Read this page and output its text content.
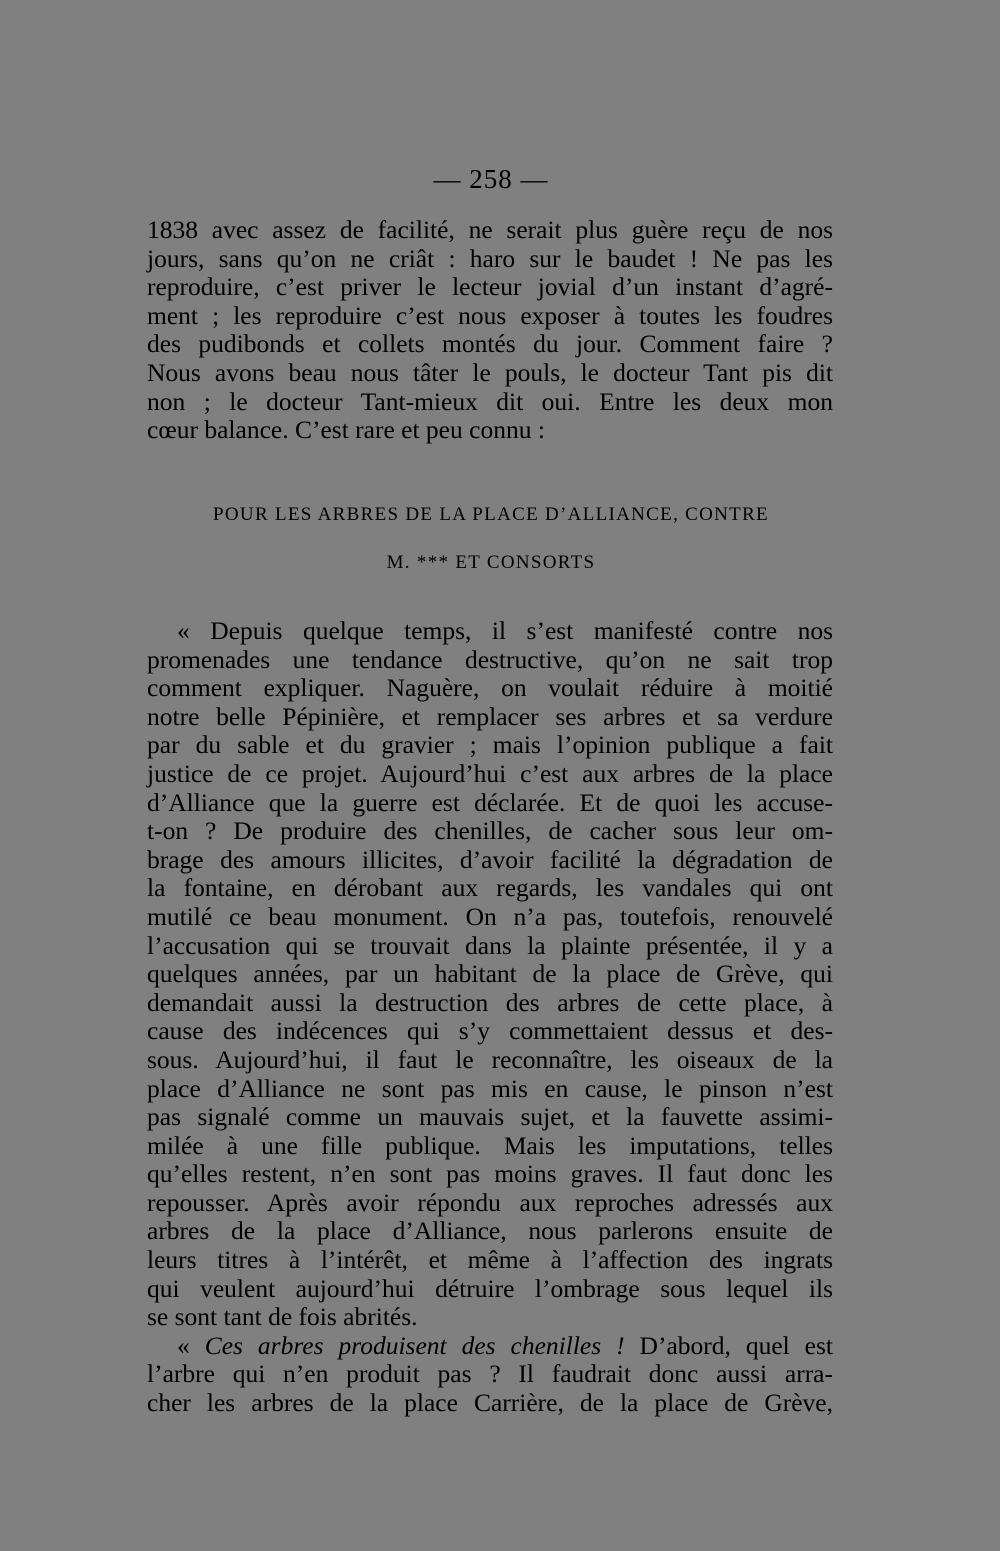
— 258 —
1838 avec assez de facilité, ne serait plus guère reçu de nos
jours, sans qu’on ne criât : haro sur le baudet ! Ne pas les
reproduire, c’est priver le lecteur jovial d’un instant d’agré-
ment ; les reproduire c’est nous exposer à toutes les foudres
des pudibonds et collets montés du jour. Comment faire ?
Nous avons beau nous tâter le pouls, le docteur Tant pis dit
non ; le docteur Tant-mieux dit oui. Entre les deux mon
cœur balance. C’est rare et peu connu :
POUR LES ARBRES DE LA PLACE D’ALLIANCE, CONTRE
M. *** ET CONSORTS
« Depuis quelque temps, il s’est manifesté contre nos
promenades une tendance destructive, qu’on ne sait trop
comment expliquer. Naguère, on voulait réduire à moitié
notre belle Pépinière, et remplacer ses arbres et sa verdure
par du sable et du gravier ; mais l’opinion publique a fait
justice de ce projet. Aujourd’hui c’est aux arbres de la place
d’Alliance que la guerre est déclarée. Et de quoi les accuse-
t-on ? De produire des chenilles, de cacher sous leur om-
brage des amours illicites, d’avoir facilité la dégradation de
la fontaine, en dérobant aux regards, les vandales qui ont
mutilé ce beau monument. On n’a pas, toutefois, renouvelé
l’accusation qui se trouvait dans la plainte présentée, il y a
quelques années, par un habitant de la place de Grève, qui
demandait aussi la destruction des arbres de cette place, à
cause des indécences qui s’y commettaient dessus et des-
sous. Aujourd’hui, il faut le reconnaître, les oiseaux de la
place d’Alliance ne sont pas mis en cause, le pinson n’est
pas signalé comme un mauvais sujet, et la fauvette assimi-
milée à une fille publique. Mais les imputations, telles
qu’elles restent, n’en sont pas moins graves. Il faut donc les
repousser. Après avoir répondu aux reproches adressés aux
arbres de la place d’Alliance, nous parlerons ensuite de
leurs titres à l’intérêt, et même à l’affection des ingrats
qui veulent aujourd’hui détruire l’ombrage sous lequel ils
se sont tant de fois abrités.
« Ces arbres produisent des chenilles ! D’abord, quel est
l’arbre qui n’en produit pas ? Il faudrait donc aussi arra-
cher les arbres de la place Carrière, de la place de Grève,
